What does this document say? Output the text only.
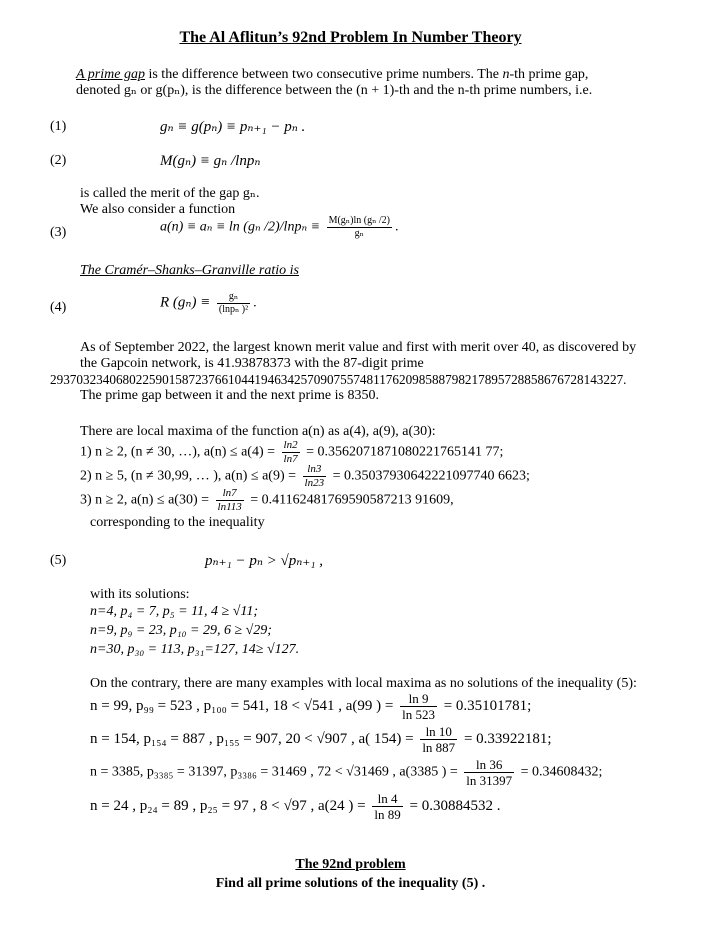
The Al Aflitun’s 92nd Problem In Number Theory
A prime gap is the difference between two consecutive prime numbers. The n-th prime gap,
denoted gₙ or g(pₙ), is the difference between the (n + 1)-th and the n-th prime numbers, i.e.
(1)	gₙ ≡ g(pₙ) ≡ pₙ₊₁ − pₙ .
(2)	M(gₙ) ≡ gₙ /lnpₙ
is called the merit of the gap gₙ.
We also consider a function
(3)	a(n) ≡ aₙ ≡ ln (gₙ $/2)/\ln p_n \equiv \frac{\text{M(gₙ)ln (gₙ /2)}}{\text{gₙ}}$ .
The Cramér–Shanks–Granville ratio is
(4)	R $(g_n) \equiv \frac{\text{gₙ}}{\text{(lnpₙ )²}}$ .
As of September 2022, the largest known merit value and first with merit over 40, as discovered by
the Gapcoin network, is 41.93878373 with the 87-digit prime
293703234068022590158723766104419463425709075574811762098588798217895728858676728143227.
The prime gap between it and the next prime is 8350.
There are local maxima of the function a(n) as a(4), a(9), a(30):
1) n ≥ 2, (n ≠ 30, …), $a(n) \le a(4) = \frac{\ln 2}{\ln 7} = 0.3562071871080221765141$ 77;
2) n ≥ 5, (n ≠ 30,99, … ), $a(n) \le a(9) = \frac{\ln 3}{\ln 23} = 0.35037930642221097740$ 6623;
3) n ≥ 2, $a(n) \le a(30) = \frac{\ln 7}{\ln 113} = 0.41162481769590587213$ 91609,
corresponding to the inequality
(5)	pₙ₊₁ − pₙ > √pₙ₊₁ ,
with its solutions:
n=4, p₄ = 7, p₅ = 11, 4 ≥ √11;
n=9, p₉ = 23, p₁₀ = 29, 6 ≥ √29;
n=30, p₃₀ = 113, p₃₁=127, 14≥ √127.
On the contrary, there are many examples with local maxima as no solutions of the inequality (5):
n = 99, p₉₉ = 523 , p₁₀₀ = 541, 18 < √541 , a(99 ) = $\frac{\ln 9}{\ln 523} = 0.35101781$;
n = 154, p₁₅₄ = 887 , p₁₅₅ = 907, 20 < √907 , a( $154) = \frac{\ln 10}{\ln 887} = 0.33922181$;
n = 3385, p₃₃₈₅ = 31397, p₃₃₈₆ = 31469 , 72 < √31469 , a(3385 ) = $\frac{\ln 36}{\ln 31397} = 0.34608432$;
n = 24 , p₂₄ = 89 , p₂₅ = 97 , 8 < √97 , a(24 ) = $\frac{\ln 4}{\ln 89} = 0.30884532$ .
The 92nd problem
Find all prime solutions of the inequality (5) .
